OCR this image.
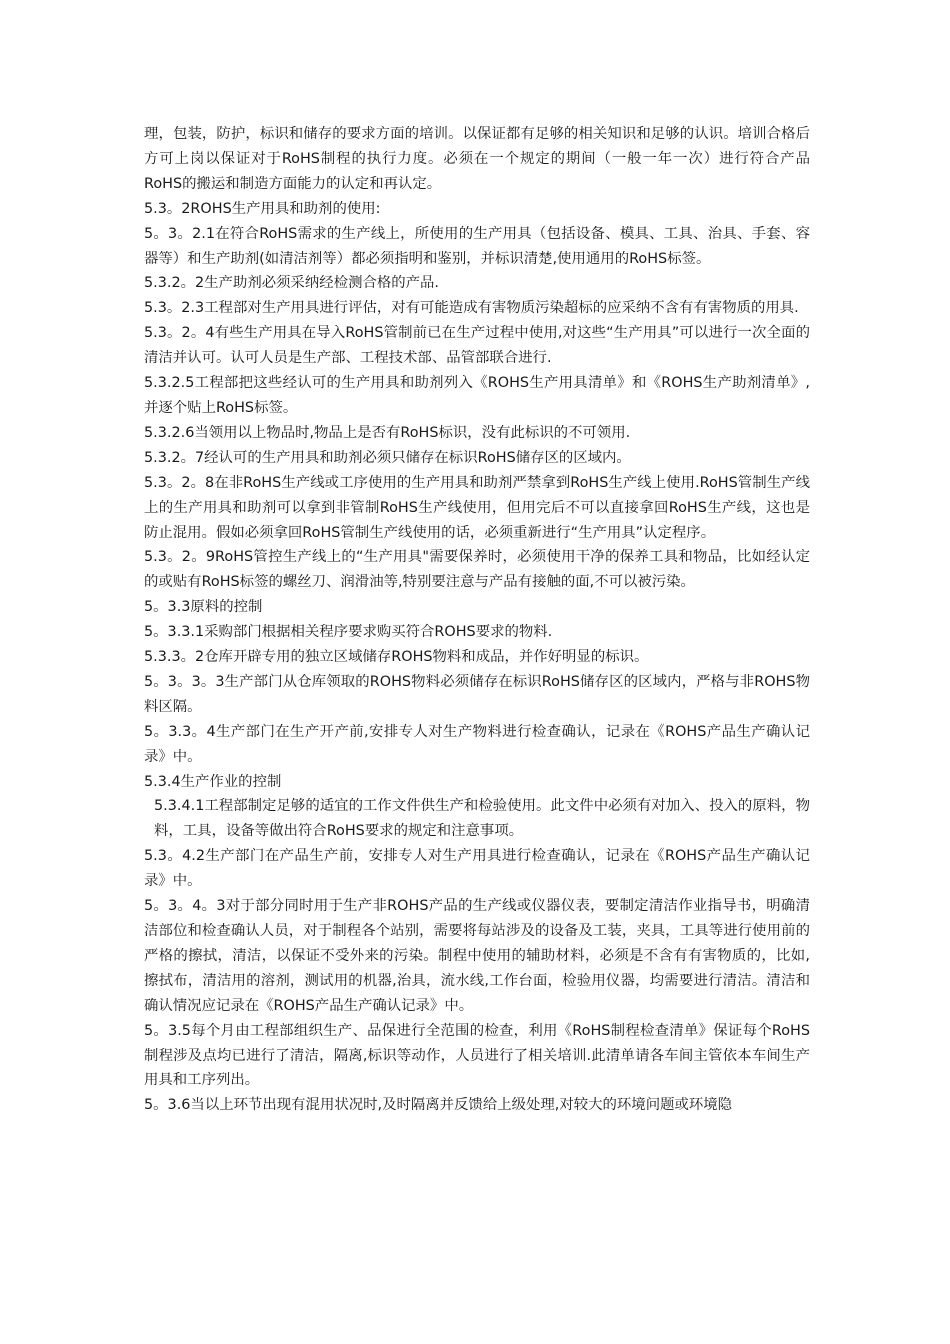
理，包装，防护，标识和储存的要求方面的培训。以保证都有足够的相关知识和足够的认识。培训合格后方可上岗以保证对于RoHS制程的执行力度。必须在一个规定的期间（一般一年一次）进行符合产品RoHS的搬运和制造方面能力的认定和再认定。

5.3。2ROHS生产用具和助剂的使用:

5。3。2.1在符合RoHS需求的生产线上，所使用的生产用具（包括设备、模具、工具、治具、手套、容器等）和生产助剂(如清洁剂等）都必须指明和鉴别，并标识清楚,使用通用的RoHS标签。

5.3.2。2生产助剂必须采纳经检测合格的产品.

5.3。2.3工程部对生产用具进行评估，对有可能造成有害物质污染超标的应采纳不含有有害物质的用具.

5.3。2。4有些生产用具在导入RoHS管制前已在生产过程中使用,对这些“生产用具”可以进行一次全面的清洁并认可。认可人员是生产部、工程技术部、品管部联合进行.

5.3.2.5工程部把这些经认可的生产用具和助剂列入《ROHS生产用具清单》和《ROHS生产助剂清单》,并逐个贴上RoHS标签。

5.3.2.6当领用以上物品时,物品上是否有RoHS标识，没有此标识的不可领用.

5.3.2。7经认可的生产用具和助剂必须只储存在标识RoHS储存区的区域内。

5.3。2。8在非RoHS生产线或工序使用的生产用具和助剂严禁拿到RoHS生产线上使用.RoHS管制生产线上的生产用具和助剂可以拿到非管制RoHS生产线使用，但用完后不可以直接拿回RoHS生产线，这也是防止混用。假如必须拿回RoHS管制生产线使用的话，必须重新进行“生产用具”认定程序。

5.3。2。9RoHS管控生产线上的“生产用具"需要保养时，必须使用干净的保养工具和物品，比如经认定的或贴有RoHS标签的螺丝刀、润滑油等,特别要注意与产品有接触的面,不可以被污染。

5。3.3原料的控制

5。3.3.1采购部门根据相关程序要求购买符合ROHS要求的物料.

5.3.3。2仓库开辟专用的独立区域储存ROHS物料和成品，并作好明显的标识。

5。3。3。3生产部门从仓库领取的ROHS物料必须储存在标识RoHS储存区的区域内，严格与非ROHS物料区隔。

5。3.3。4生产部门在生产开产前,安排专人对生产物料进行检查确认，记录在《ROHS产品生产确认记录》中。

5.3.4生产作业的控制

5.3.4.1工程部制定足够的适宜的工作文件供生产和检验使用。此文件中必须有对加入、投入的原料，物料，工具，设备等做出符合RoHS要求的规定和注意事项。

5.3。4.2生产部门在产品生产前，安排专人对生产用具进行检查确认，记录在《ROHS产品生产确认记录》中。

5。3。4。3对于部分同时用于生产非ROHS产品的生产线或仪器仪表，要制定清洁作业指导书，明确清洁部位和检查确认人员，对于制程各个站别，需要将每站涉及的设备及工装，夹具，工具等进行使用前的严格的擦拭，清洁，以保证不受外来的污染。制程中使用的辅助材料，必须是不含有有害物质的，比如,擦拭布，清洁用的溶剂，测试用的机器,治具，流水线,工作台面，检验用仪器，均需要进行清洁。清洁和确认情况应记录在《ROHS产品生产确认记录》中。

5。3.5每个月由工程部组织生产、品保进行全范围的检查，利用《RoHS制程检查清单》保证每个RoHS制程涉及点均已进行了清洁，隔离,标识等动作，人员进行了相关培训.此清单请各车间主管依本车间生产用具和工序列出。

5。3.6当以上环节出现有混用状况时,及时隔离并反馈给上级处理,对较大的环境问题或环境隐
